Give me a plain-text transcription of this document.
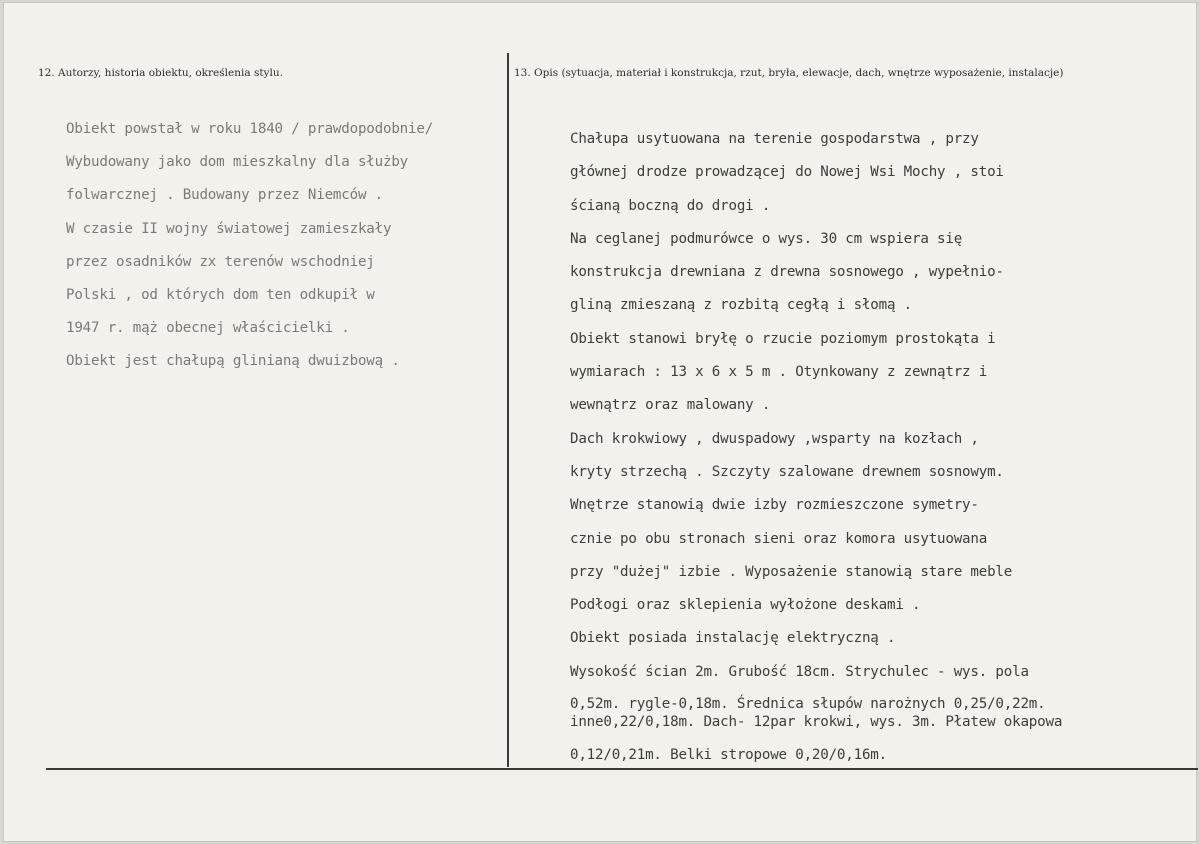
12. Autorzy, historia obiektu, określenia stylu.	13. Opis (sytuacja, materiał i konstrukcja, rzut, bryła, elewacje, dach, wnętrze wyposażenie, instalacje)
Obiekt powstał w roku 1840 / prawdopodobnie/
Wybudowany jako dom mieszkalny dla służby
folwarcznej . Budowany przez Niemców .
W czasie II wojny światowej zamieszkały
przez osadników zx terenów wschodniej
Polski , od których dom ten odkupił w
1947 r. mąż obecnej właścicielki .
Obiekt jest chałupą glinianą dwuizbową .
Chałupa usytuowana na terenie gospodarstwa , przy
głównej drodze prowadzącej do Nowej Wsi Mochy , stoi
ścianą boczną do drogi .
Na ceglanej podmurówce o wys. 30 cm wspiera się
konstrukcja drewniana z drewna sosnowego , wypełnio-
gliną zmieszaną z rozbitą cegłą i słomą .
Obiekt stanowi bryłę o rzucie poziomym prostokąta i
wymiarach : 13 x 6 x 5 m . Otynkowany z zewnątrz i
wewnątrz oraz malowany .
Dach krokwiowy , dwuspadowy ,wsparty na kozłach ,
kryty strzechą . Szczyty szalowane drewnem sosnowym.
Wnętrze stanowią dwie izby rozmieszczone symetry-
cznie po obu stronach sieni oraz komora usytuowana
przy "dużej" izbie . Wyposażenie stanowią stare meble
Podłogi oraz sklepienia wyłożone deskami .
Obiekt posiada instalację elektryczną .
Wysokość ścian 2m. Grubość 18cm. Strychulec - wys. pola
0,52m. rygle-0,18m. Średnica słupów narożnych 0,25/0,22m.
inne0,22/0,18m. Dach- 12par krokwi, wys. 3m. Płatew okapowa
0,12/0,21m. Belki stropowe 0,20/0,16m.
